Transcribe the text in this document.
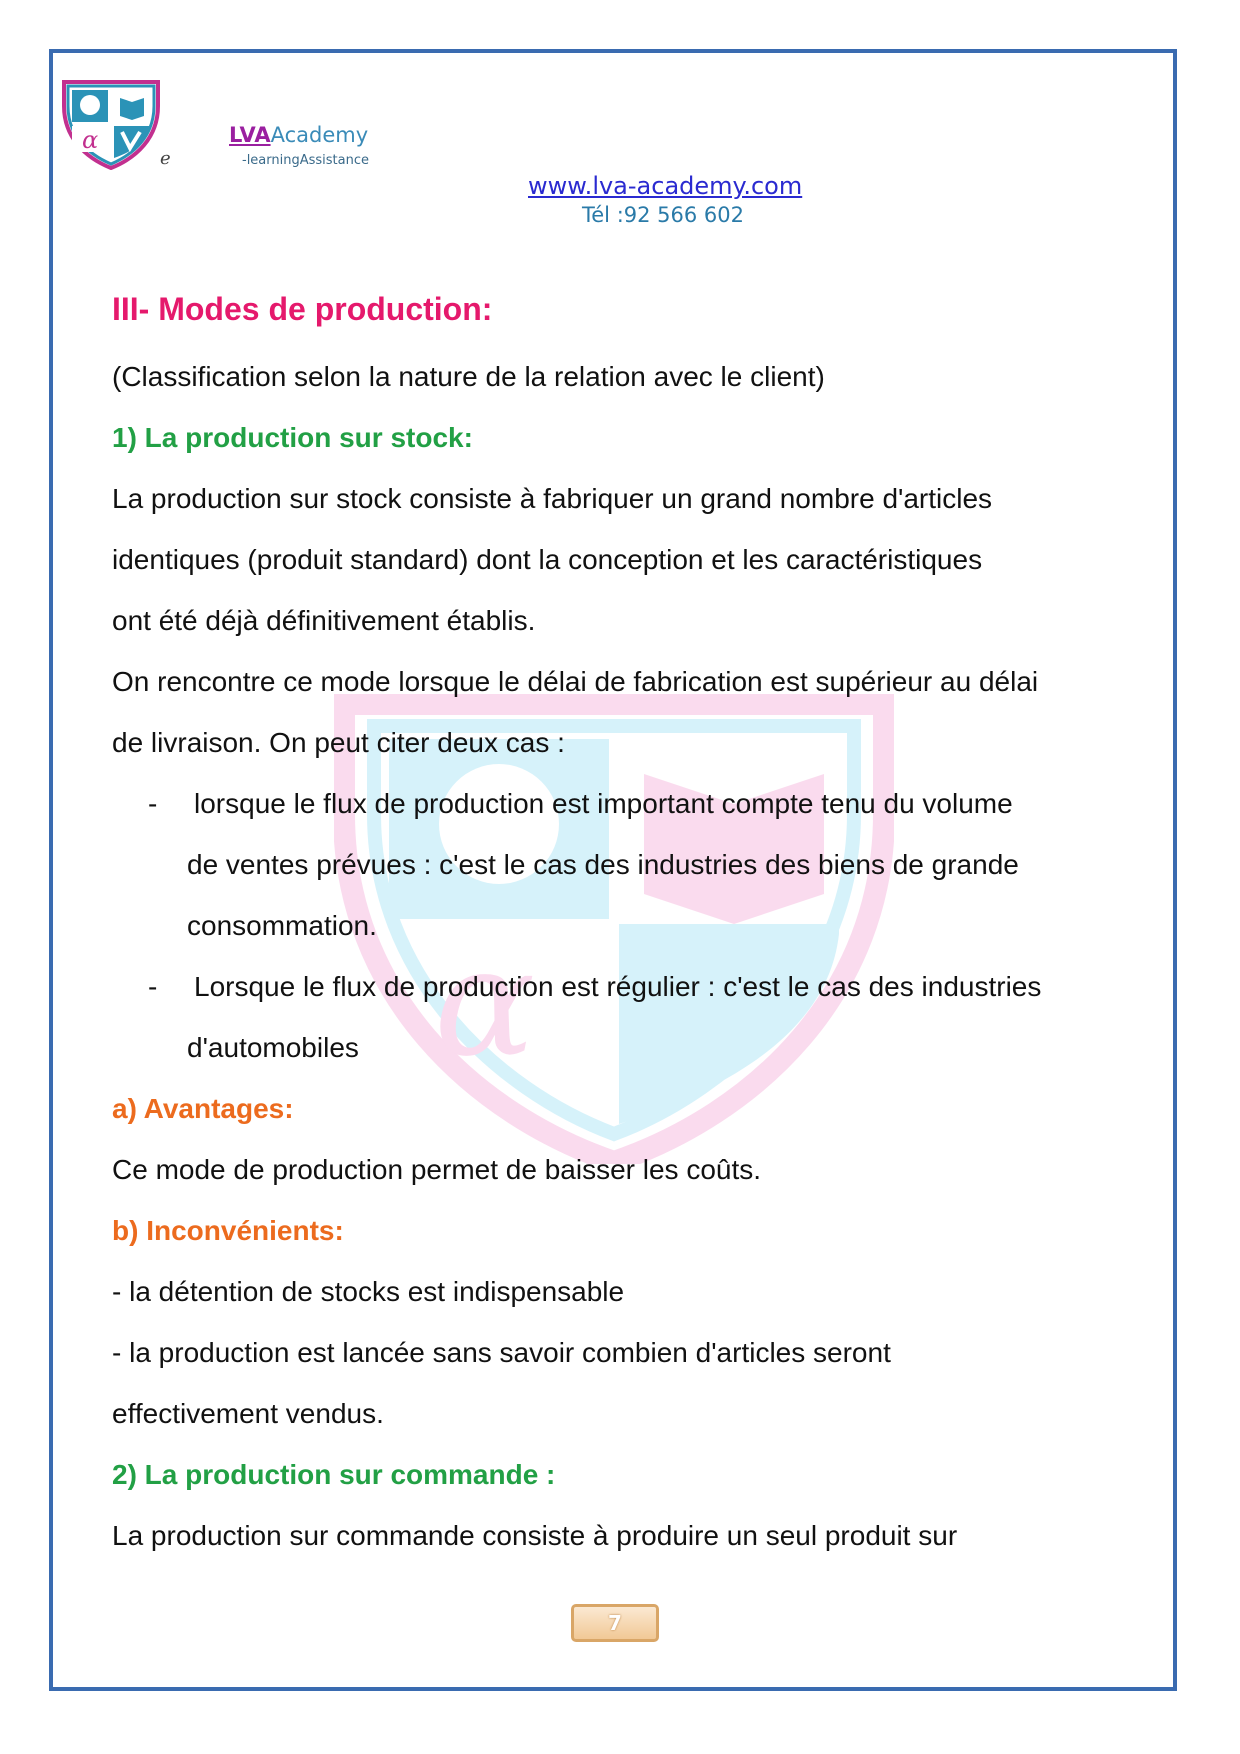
α
e
LVAAcademy
-learningAssistance
www.lva-academy.com
Tél :92 566 602
α
III- Modes de production:
(Classification selon la nature de la relation avec le client)
1) La production sur stock:
La production sur stock consiste à fabriquer un grand nombre d'articles
identiques (produit standard) dont la conception et les caractéristiques
ont été déjà définitivement établis.
On rencontre ce mode lorsque le délai de fabrication est supérieur au délai
de livraison. On peut citer deux cas :
- lorsque le flux de production est important compte tenu du volume
de ventes prévues : c'est le cas des industries des biens de grande
consommation.
- Lorsque le flux de production est régulier : c'est le cas des industries
d'automobiles
a) Avantages:
Ce mode de production permet de baisser les coûts.
b) Inconvénients:
- la détention de stocks est indispensable
- la production est lancée sans savoir combien d'articles seront
effectivement vendus.
2) La production sur commande :
La production sur commande consiste à produire un seul produit sur
7
